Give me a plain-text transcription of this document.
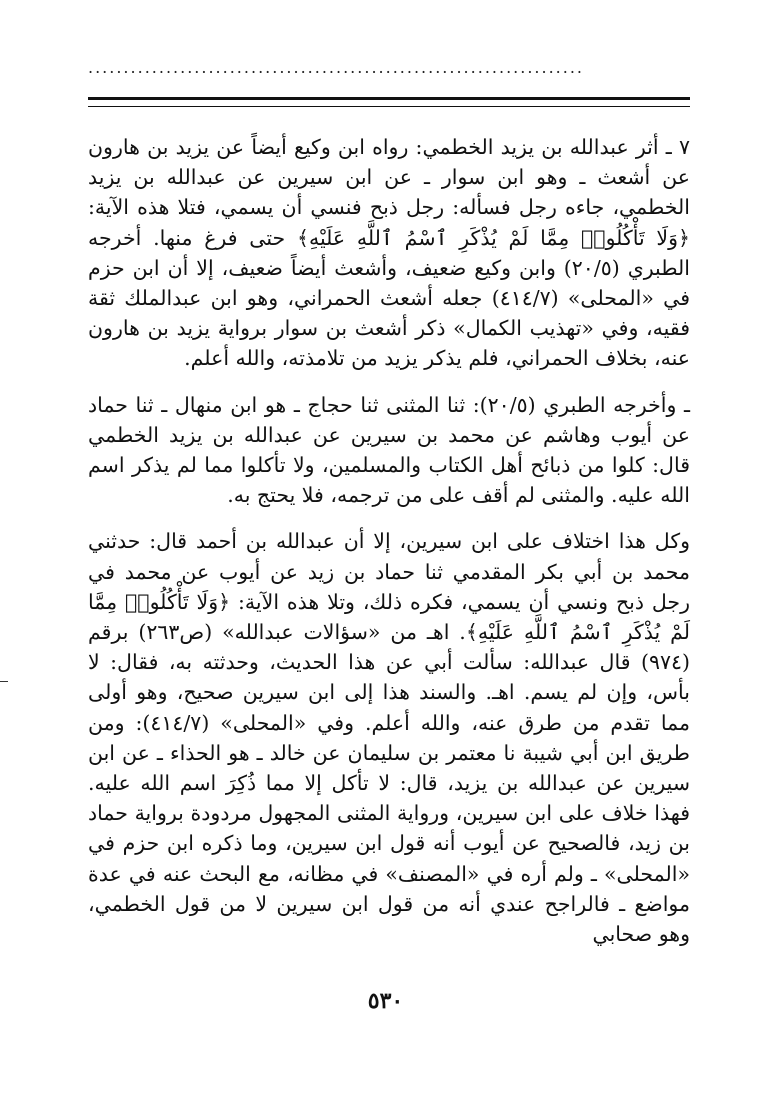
......................................................................

٧ ـ أثر عبدالله بن يزيد الخطمي: رواه ابن وكيع أيضاً عن يزيد بن هارون عن أشعث ـ وهو ابن سوار ـ عن ابن سيرين عن عبدالله بن يزيد الخطمي، جاءه رجل فسأله: رجل ذبح فنسي أن يسمي، فتلا هذه الآية: ﴿وَلَا تَأْكُلُوا۟ مِمَّا لَمْ يُذْكَرِ ٱسْمُ ٱللَّهِ عَلَيْهِ﴾ حتى فرغ منها. أخرجه الطبري (٢٠/٥) وابن وكيع ضعيف، وأشعث أيضاً ضعيف، إلا أن ابن حزم في «المحلى» (٤١٤/٧) جعله أشعث الحمراني، وهو ابن عبدالملك ثقة فقيه، وفي «تهذيب الكمال» ذكر أشعث بن سوار برواية يزيد بن هارون عنه، بخلاف الحمراني، فلم يذكر يزيد من تلامذته، والله أعلم.

ـ وأخرجه الطبري (٢٠/٥): ثنا المثنى ثنا حجاج ـ هو ابن منهال ـ ثنا حماد عن أيوب وهاشم عن محمد بن سيرين عن عبدالله بن يزيد الخطمي قال: كلوا من ذبائح أهل الكتاب والمسلمين، ولا تأكلوا مما لم يذكر اسم الله عليه. والمثنى لم أقف على من ترجمه، فلا يحتج به.

وكل هذا اختلاف على ابن سيرين، إلا أن عبدالله بن أحمد قال: حدثني محمد بن أبي بكر المقدمي ثنا حماد بن زيد عن أيوب عن محمد في رجل ذبح ونسي أن يسمي، فكره ذلك، وتلا هذه الآية: ﴿وَلَا تَأْكُلُوا۟ مِمَّا لَمْ يُذْكَرِ ٱسْمُ ٱللَّهِ عَلَيْهِ﴾. اهـ من «سؤالات عبدالله» (ص٢٦٣) برقم (٩٧٤) قال عبدالله: سألت أبي عن هذا الحديث، وحدثته به، فقال: لا بأس، وإن لم يسم. اهـ. والسند هذا إلى ابن سيرين صحيح، وهو أولى مما تقدم من طرق عنه، والله أعلم. وفي «المحلى» (٤١٤/٧): ومن طريق ابن أبي شيبة نا معتمر بن سليمان عن خالد ـ هو الحذاء ـ عن ابن سيرين عن عبدالله بن يزيد، قال: لا تأكل إلا مما ذُكِرَ اسم الله عليه. فهذا خلاف على ابن سيرين، ورواية المثنى المجهول مردودة برواية حماد بن زيد، فالصحيح عن أيوب أنه قول ابن سيرين، وما ذكره ابن حزم في «المحلى» ـ ولم أره في «المصنف» في مظانه، مع البحث عنه في عدة مواضع ـ فالراجح عندي أنه من قول ابن سيرين لا من قول الخطمي، وهو صحابي

٥٣٠
